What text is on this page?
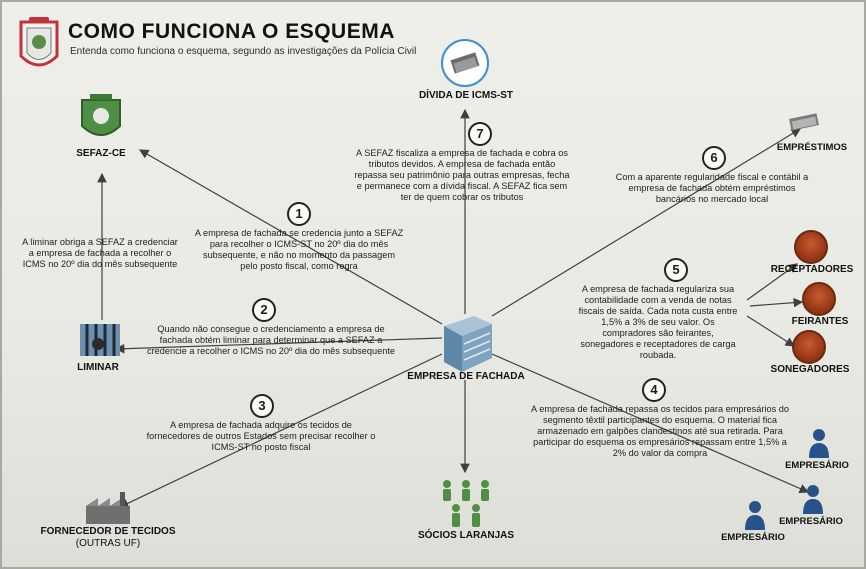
COMO FUNCIONA O ESQUEMA
Entenda como funciona o esquema, segundo as investigações da Polícia Civil
DÍVIDA DE ICMS-ST
SEFAZ-CE
A liminar obriga a SEFAZ a credenciar a empresa de fachada a recolher o ICMS no 20º dia do mês subsequente
LIMINAR
FORNECEDOR DE TECIDOS
(OUTRAS UF)
EMPRESA DE FACHADA
SÓCIOS LARANJAS
EMPRÉSTIMOS
RECEPTADORES
FEIRANTES
SONEGADORES
EMPRESÁRIO
EMPRESÁRIO
EMPRESÁRIO
1
A empresa de fachada se credencia junto a SEFAZ para recolher o ICMS-ST no 20º dia do mês subsequente, e não no momento da passagem pelo posto fiscal, como regra
2
Quando não consegue o credenciamento a empresa de fachada obtém liminar para determinar que a SEFAZ a credencie a recolher o ICMS no 20º dia do mês subsequente
3
A empresa de fachada adquire os tecidos de fornecedores de outros Estados sem precisar recolher o ICMS-ST no posto fiscal
4
A empresa de fachada repassa os tecidos para empresários do segmento têxtil participantes do esquema. O material fica armazenado em galpões clandestinos até sua retirada. Para participar do esquema os empresários repassam entre 1,5% a 2% do valor da compra
5
A empresa de fachada regulariza sua contabilidade com a venda de notas fiscais de saída. Cada nota custa entre 1,5% a 3% de seu valor. Os compradores são feirantes, sonegadores e receptadores de carga roubada.
6
Com a aparente regularidade fiscal e contábil a empresa de fachada obtém empréstimos bancários no mercado local
7
A SEFAZ fiscaliza a empresa de fachada e cobra os tributos devidos. A empresa de fachada então repassa seu patrimônio para outras empresas, fecha e permanece com a dívida fiscal. A SEFAZ fica sem ter de quem cobrar os tributos
